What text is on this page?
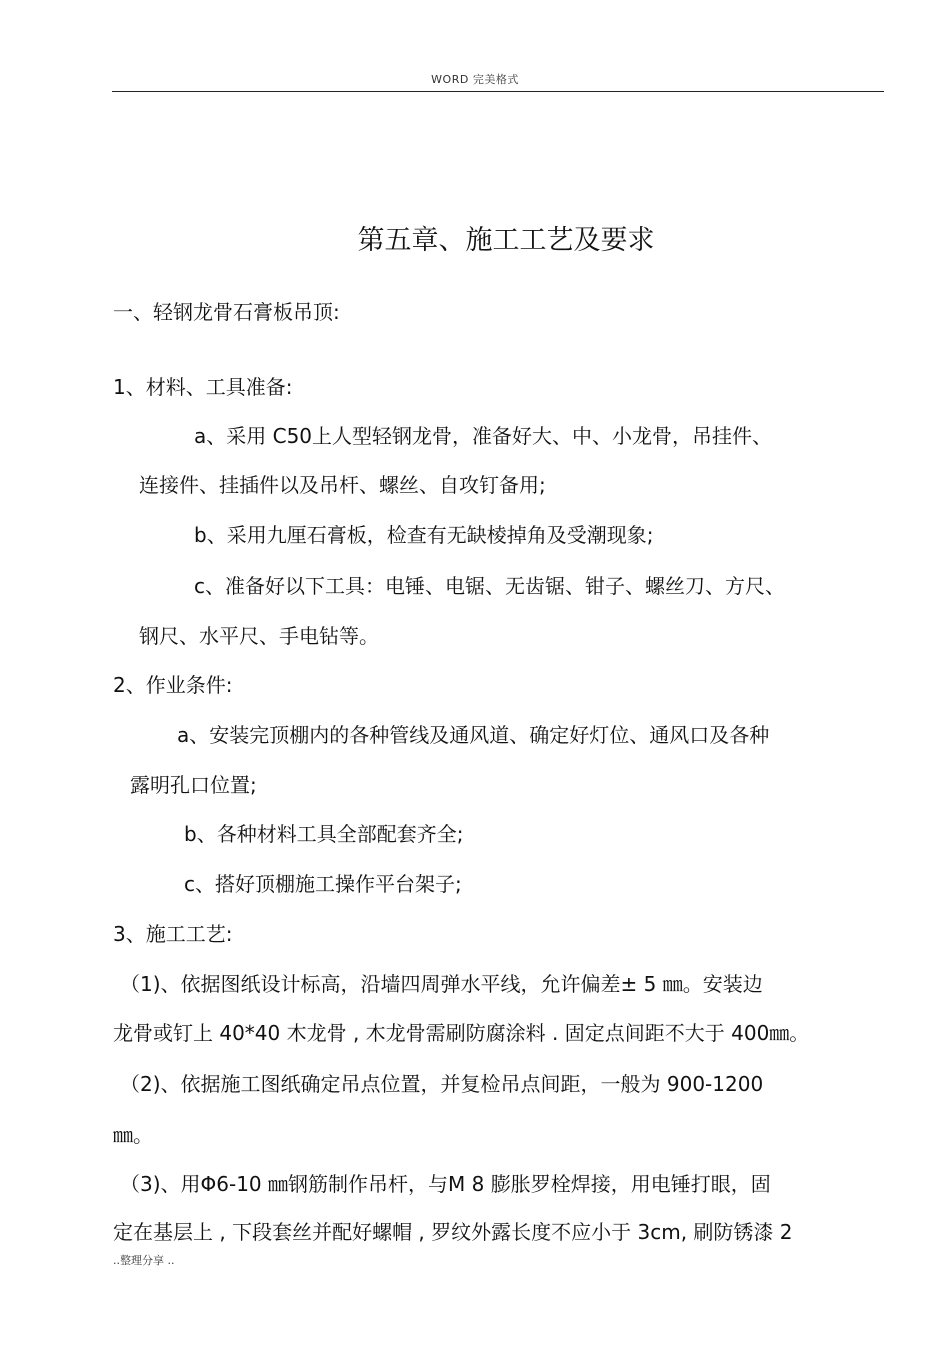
WORD 完美格式
第五章、施工工艺及要求
一、轻钢龙骨石膏板吊顶:
1、材料、工具准备:
a、采用 C50上人型轻钢龙骨，准备好大、中、小龙骨，吊挂件、
连接件、挂插件以及吊杆、螺丝、自攻钉备用;
b、采用九厘石膏板，检查有无缺棱掉角及受潮现象;
c、准备好以下工具：电锤、电锯、无齿锯、钳子、螺丝刀、方尺、
钢尺、水平尺、手电钻等。
2、作业条件:
a、安装完顶棚内的各种管线及通风道、确定好灯位、通风口及各种
露明孔口位置;
b、各种材料工具全部配套齐全;
c、搭好顶棚施工操作平台架子;
3、施工工艺:
（1)、依据图纸设计标高，沿墙四周弹水平线，允许偏差± 5 ㎜。安装边
龙骨或钉上 40*40 木龙骨 , 木龙骨需刷防腐涂料 . 固定点间距不大于 400㎜。
（2)、依据施工图纸确定吊点位置，并复检吊点间距，一般为 900-1200
㎜。
（3)、用Φ6-10 ㎜钢筋制作吊杆，与M 8 膨胀罗栓焊接，用电锤打眼，固
定在基层上 , 下段套丝并配好螺帽 , 罗纹外露长度不应小于 3cm, 刷防锈漆 2
..整理分享 ..
